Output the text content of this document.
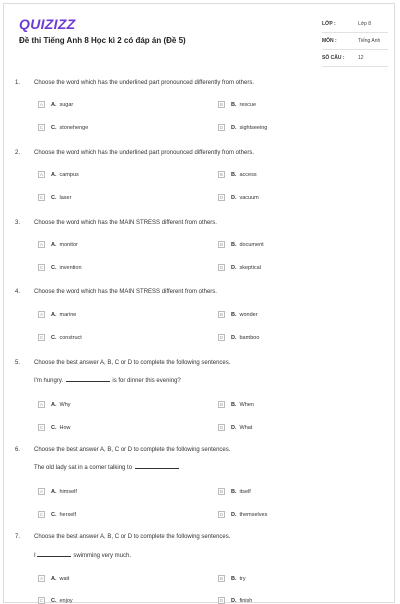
QUIZIZZ
Đề thi Tiếng Anh 8 Học kì 2 có đáp án (Đề 5)
LỚP :	Lớp 8
MÔN :	Tiếng Anh
SỐ CÂU :	12
1. Choose the word which has the underlined part pronounced differently from others.
A	A. sugar	B	B. rescue
C	C. stonehenge	D	D. sightseeing
2. Choose the word which has the underlined part pronounced differently from others.
A	A. campus	B	B. access
C	C. laser	D	D. vacuum
3. Choose the word which has the MAIN STRESS different from others.
A	A. monitor	B	B. document
C	C. invention	D	D. skeptical
4. Choose the word which has the MAIN STRESS different from others.
A	A. marine	B	B. wonder
C	C. construct	D	D. bamboo
5. Choose the best answer A, B, C or D to complete the following sentences.
I'm hungry.	is for dinner this evening?
A	A. Why	B	B. When
C	C. How	D	D. What
6. Choose the best answer A, B, C or D to complete the following sentences.
The old lady sat in a corner talking to
A	A. himself	B	B. itself
C	C. herself	D	D. themselves
7. Choose the best answer A, B, C or D to complete the following sentences.
I	swimming very much.
A	A. wait	B	B. try
C	C. enjoy	D	D. finish
